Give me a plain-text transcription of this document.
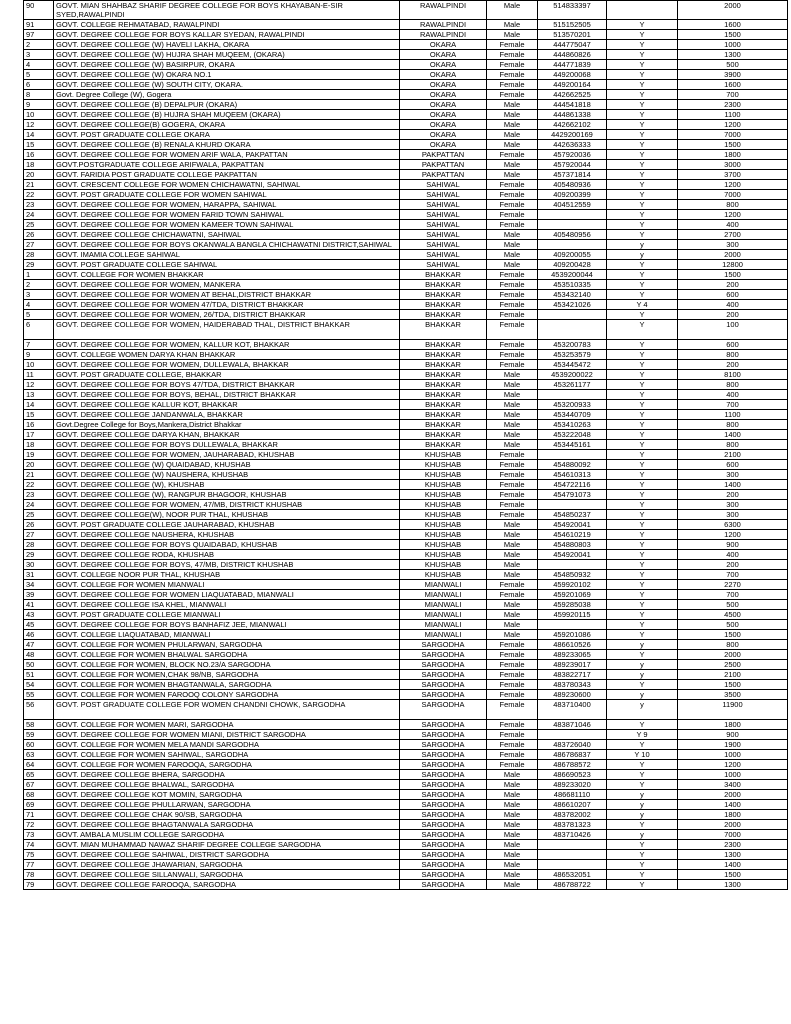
90	GOVT. MIAN SHAHBAZ SHARIF DEGREE COLLEGE FOR BOYS KHAYABAN-E-SIR SYED,RAWALPINDI	RAWALPINDI	Male	514833397		2000
91	GOVT. COLLEGE REHMATABAD, RAWALPINDI	RAWALPINDI	Male	515152505	Y	1600
97	GOVT. DEGREE COLLEGE FOR BOYS KALLAR SYEDAN, RAWALPINDI	RAWALPINDI	Male	513570201	Y	1500
2	GOVT. DEGREE COLLEGE (W) HAVELI LAKHA, OKARA	OKARA	Female	444775047	Y	1000
3	GOVT. DEGREE COLLEGE (W) HUJRA SHAH MUQEEM, (OKARA)	OKARA	Female	444860826	Y	1300
4	GOVT. DEGREE COLLEGE (W) BASIRPUR, OKARA	OKARA	Female	444771839	Y	500
5	GOVT. DEGREE COLLEGE (W) OKARA NO.1	OKARA	Female	449200068	Y	3900
6	GOVT. DEGREE COLLEGE (W) SOUTH CITY, OKARA.	OKARA	Female	449200164	Y	1600
8	Govt. Degree College (W), Gogera	OKARA	Female	442662525	Y	700
9	GOVT. DEGREE COLLEGE (B) DEPALPUR (OKARA)	OKARA	Male	444541818	Y	2300
10	GOVT. DEGREE COLLEGE (B) HUJRA SHAH MUQEEM (OKARA)	OKARA	Male	444861338	Y	1100
12	GOVT. DEGREE COLLEGE(B) GOGERA, OKARA	OKARA	Male	442662102	Y	1200
14	GOVT. POST GRADUATE COLLEGE OKARA	OKARA	Male	4429200169	Y	7000
15	GOVT. DEGREE COLLEGE (B) RENALA KHURD OKARA	OKARA	Male	442636333	Y	1500
16	GOVT. DEGREE COLLEGE FOR WOMEN ARIF WALA, PAKPATTAN	PAKPATTAN	Female	457920036	Y	1800
18	GOVT.POSTGRADUATE COLLEGE ARIFWALA, PAKPATTAN	PAKPATTAN	Male	457920044	Y	3000
20	GOVT. FARIDIA POST GRADUATE COLLEGE PAKPATTAN	PAKPATTAN	Male	457371814	Y	3700
21	GOVT. CRESCENT COLLEGE FOR WOMEN CHICHAWATNI, SAHIWAL	SAHIWAL	Female	405480936	Y	1200
22	GOVT. POST GRADUATE COLLEGE FOR WOMEN SAHIWAL	SAHIWAL	Female	409200399	Y	7000
23	GOVT. DEGREE COLLEGE FOR WOMEN, HARAPPA, SAHIWAL	SAHIWAL	Female	404512559	Y	800
24	GOVT. DEGREE COLLEGE FOR WOMEN FARID TOWN SAHIWAL	SAHIWAL	Female		Y	1200
25	GOVT. DEGREE COLLEGE FOR WOMEN KAMEER TOWN SAHIWAL	SAHIWAL	Female		Y	400
26	GOVT. DEGREE COLLEGE CHICHAWATNI, SAHIWAL	SAHIWAL	Male	405480956	Y	2700
27	GOVT. DEGREE COLLEGE FOR BOYS OKANWALA BANGLA CHICHAWATNI DISTRICT,SAHIWAL	SAHIWAL	Male		y	300
28	GOVT. IMAMIA COLLEGE SAHIWAL	SAHIWAL	Male	409200055	y	2000
29	GOVT. POST GRADUATE COLLEGE SAHIWAL	SAHIWAL	Male	409200428	Y	12800
1	GOVT. COLLEGE FOR WOMEN BHAKKAR	BHAKKAR	Female	4539200044	Y	1500
2	GOVT. DEGREE COLLEGE FOR WOMEN, MANKERA	BHAKKAR	Female	453510335	Y	200
3	GOVT. DEGREE COLLEGE FOR WOMEN AT BEHAL,DISTRICT BHAKKAR	BHAKKAR	Female	453432140	Y	600
4	GOVT. DEGREE COLLEGE FOR WOMEN 47/TDA, DISTRICT BHAKKAR	BHAKKAR	Female	453421026	Y 4	400
5	GOVT. DEGREE COLLEGE FOR WOMEN, 26/TDA, DISTRICT BHAKKAR	BHAKKAR	Female		Y	200
6	GOVT. DEGREE COLLEGE FOR WOMEN, HAIDERABAD THAL, DISTRICT BHAKKAR	BHAKKAR	Female		Y	100
7	GOVT. DEGREE COLLEGE FOR WOMEN, KALLUR KOT, BHAKKAR	BHAKKAR	Female	453200783	Y	600
9	GOVT. COLLEGE WOMEN DARYA KHAN BHAKKAR	BHAKKAR	Female	453253579	Y	800
10	GOVT. DEGREE COLLEGE FOR WOMEN, DULLEWALA, BHAKKAR	BHAKKAR	Female	453445472	Y	200
11	GOVT. POST GRADUATE COLLEGE, BHAKKAR	BHAKKAR	Male	4539200022	Y	8100
12	GOVT. DEGREE COLLEGE FOR BOYS 47/TDA, DISTRICT BHAKKAR	BHAKKAR	Male	453261177	Y	800
13	GOVT. DEGREE COLLEGE FOR BOYS, BEHAL, DISTRICT BHAKKAR	BHAKKAR	Male		Y	400
14	GOVT. DEGREE COLLEGE KALLUR KOT, BHAKKAR	BHAKKAR	Male	453200933	Y	700
15	GOVT. DEGREE COLLEGE JANDANWALA, BHAKKAR	BHAKKAR	Male	453440709	Y	1100
16	Govt.Degree College for Boys,Mankera,District Bhakkar	BHAKKAR	Male	453410263	Y	800
17	GOVT. DEGREE COLLEGE DARYA KHAN, BHAKKAR	BHAKKAR	Male	453222048	Y	1400
18	GOVT. DEGREE COLLEGE FOR BOYS DULLEWALA, BHAKKAR	BHAKKAR	Male	453445161	Y	800
19	GOVT. DEGREE COLLEGE FOR WOMEN, JAUHARABAD, KHUSHAB	KHUSHAB	Female		Y	2100
20	GOVT. DEGREE COLLEGE (W) QUAIDABAD, KHUSHAB	KHUSHAB	Female	454880092	Y	600
21	GOVT. DEGREE COLLEGE (W) NAUSHERA, KHUSHAB	KHUSHAB	Female	454610313	Y	300
22	GOVT. DEGREE COLLEGE (W), KHUSHAB	KHUSHAB	Female	454722116	Y	1400
23	GOVT. DEGREE COLLEGE (W), RANGPUR BHAGOOR, KHUSHAB	KHUSHAB	Female	454791073	Y	200
24	GOVT. DEGREE COLLEGE FOR WOMEN, 47/MB, DISTRICT KHUSHAB	KHUSHAB	Female		Y	300
25	GOVT. DEGREE COLLEGE(W), NOOR PUR THAL, KHUSHAB	KHUSHAB	Female	454850237	Y	300
26	GOVT. POST GRADUATE COLLEGE JAUHARABAD, KHUSHAB	KHUSHAB	Male	454920041	Y	6300
27	GOVT. DEGREE COLLEGE NAUSHERA, KHUSHAB	KHUSHAB	Male	454610219	Y	1200
28	GOVT. DEGREE COLLEGE FOR BOYS QUAIDABAD, KHUSHAB	KHUSHAB	Male	454880803	Y	900
29	GOVT. DEGREE COLLEGE RODA, KHUSHAB	KHUSHAB	Male	454920041	Y	400
30	GOVT. DEGREE COLLEGE FOR BOYS, 47/MB, DISTRICT KHUSHAB	KHUSHAB	Male		Y	200
31	GOVT. COLLEGE NOOR PUR THAL, KHUSHAB	KHUSHAB	Male	454850932	Y	700
34	GOVT. COLLEGE FOR WOMEN MIANWALI	MIANWALI	Female	459920102	Y	2270
39	GOVT. DEGREE COLLEGE FOR WOMEN LIAQUATABAD, MIANWALI	MIANWALI	Female	459201069	Y	700
41	GOVT. DEGREE COLLEGE ISA KHEL, MIANWALI	MIANWALI	Male	459285038	Y	500
43	GOVT. POST GRADUATE COLLEGE MIANWALI	MIANWALI	Male	459920115	Y	4500
45	GOVT. DEGREE COLLEGE FOR BOYS BANHAFIZ JEE, MIANWALI	MIANWALI	Male		Y	500
46	GOVT. COLLEGE LIAQUATABAD, MIANWALI	MIANWALI	Male	459201086	Y	1500
47	GOVT. COLLEGE FOR WOMEN PHULARWAN, SARGODHA	SARGODHA	Female	486610526	y	800
48	GOVT. COLLEGE FOR WOMEN BHALWAL SARGODHA	SARGODHA	Female	489233065	Y	2000
50	GOVT. COLLEGE FOR WOMEN, BLOCK NO.23/A SARGODHA	SARGODHA	Female	489239017	y	2500
51	GOVT. COLLEGE FOR WOMEN,CHAK 98/NB, SARGODHA	SARGODHA	Female	483822717	y	2100
54	GOVT. COLLEGE FOR WOMEN BHAGTANWALA, SARGODHA	SARGODHA	Female	483780343	Y	1500
55	GOVT. COLLEGE FOR WOMEN FAROOQ COLONY SARGODHA	SARGODHA	Female	489230600	y	3500
56	GOVT. POST GRADUATE COLLEGE FOR WOMEN CHANDNI CHOWK, SARGODHA	SARGODHA	Female	483710400	y	11900
58	GOVT. COLLEGE FOR WOMEN MARI, SARGODHA	SARGODHA	Female	483871046	Y	1800
59	GOVT. DEGREE COLLEGE FOR WOMEN MIANI, DISTRICT SARGODHA	SARGODHA	Female		Y 9	900
60	GOVT. COLLEGE FOR WOMEN MELA MANDI SARGODHA	SARGODHA	Female	483726040	Y	1900
63	GOVT. COLLEGE FOR WOMEN SAHIWAL, SARGODHA	SARGODHA	Female	486786837	Y 10	1000
64	GOVT. COLLEGE FOR WOMEN FAROOQA, SARGODHA	SARGODHA	Female	486788572	Y	1200
65	GOVT. DEGREE COLLEGE BHERA, SARGODHA	SARGODHA	Male	486690523	Y	1000
67	GOVT. DEGREE COLLEGE BHALWAL, SARGODHA	SARGODHA	Male	489233020	Y	3400
68	GOVT. DEGREE COLLEGE KOT MOMIN, SARGODHA	SARGODHA	Male	486681110	y	2000
69	GOVT. DEGREE COLLEGE PHULLARWAN, SARGODHA	SARGODHA	Male	486610207	y	1400
71	GOVT. DEGREE COLLEGE CHAK 90/SB, SARGODHA	SARGODHA	Male	483782002	y	1800
72	GOVT. DEGREE COLLEGE BHAGTANWALA SARGODHA	SARGODHA	Male	483781323	Y	2000
73	GOVT. AMBALA MUSLIM COLLEGE SARGODHA	SARGODHA	Male	483710426	y	7000
74	GOVT. MIAN MUHAMMAD NAWAZ SHARIF DEGREE COLLEGE SARGODHA	SARGODHA	Male		Y	2300
75	GOVT. DEGREE COLLEGE SAHIWAL, DISTRICT SARGODHA	SARGODHA	Male		Y	1300
77	GOVT. DEGREE COLLEGE JHAWARIAN, SARGODHA	SARGODHA	Male		Y	1400
78	GOVT. DEGREE COLLEGE SILLANWALI, SARGODHA	SARGODHA	Male	486532051	Y	1500
79	GOVT. DEGREE COLLEGE FAROOQA, SARGODHA	SARGODHA	Male	486788722	Y	1300
